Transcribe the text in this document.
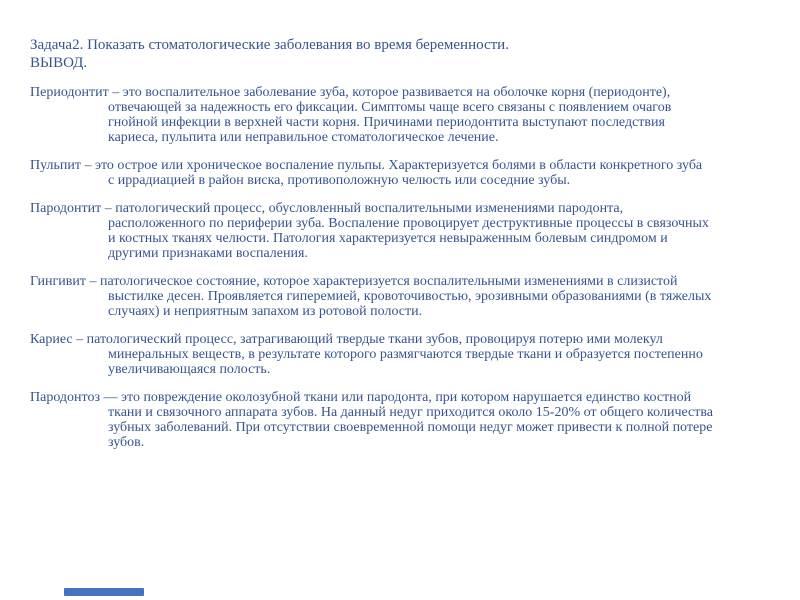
Задача2. Показать стоматологические заболевания во время беременности.
ВЫВОД.
Периодонтит – это воспалительное заболевание зуба, которое развивается на оболочке корня (периодонте),
отвечающей за надежность его фиксации. Симптомы чаще всего связаны с появлением очагов
гнойной инфекции в верхней части корня. Причинами периодонтита выступают последствия
кариеса, пульпита или неправильное стоматологическое лечение.
Пульпит – это острое или хроническое воспаление пульпы. Характеризуется болями в области конкретного зуба
с иррадиацией в район виска, противоположную челюсть или соседние зубы.
Пародонтит – патологический процесс, обусловленный воспалительными изменениями пародонта,
расположенного по периферии зуба. Воспаление провоцирует деструктивные процессы в связочных
и костных тканях челюсти. Патология характеризуется невыраженным болевым синдромом и
другими признаками воспаления.
Гингивит – патологическое состояние, которое характеризуется воспалительными изменениями в слизистой
выстилке десен. Проявляется гиперемией, кровоточивостью, эрозивными образованиями (в тяжелых
случаях) и неприятным запахом из ротовой полости.
Кариес – патологический процесс, затрагивающий твердые ткани зубов, провоцируя потерю ими молекул
минеральных веществ, в результате которого размягчаются твердые ткани и образуется постепенно
увеличивающаяся полость.
Пародонтоз — это повреждение околозубной ткани или пародонта, при котором нарушается единство костной
ткани и связочного аппарата зубов. На данный недуг приходится около 15-20% от общего количества
зубных заболеваний. При отсутствии своевременной помощи недуг может привести к полной потере
зубов.
